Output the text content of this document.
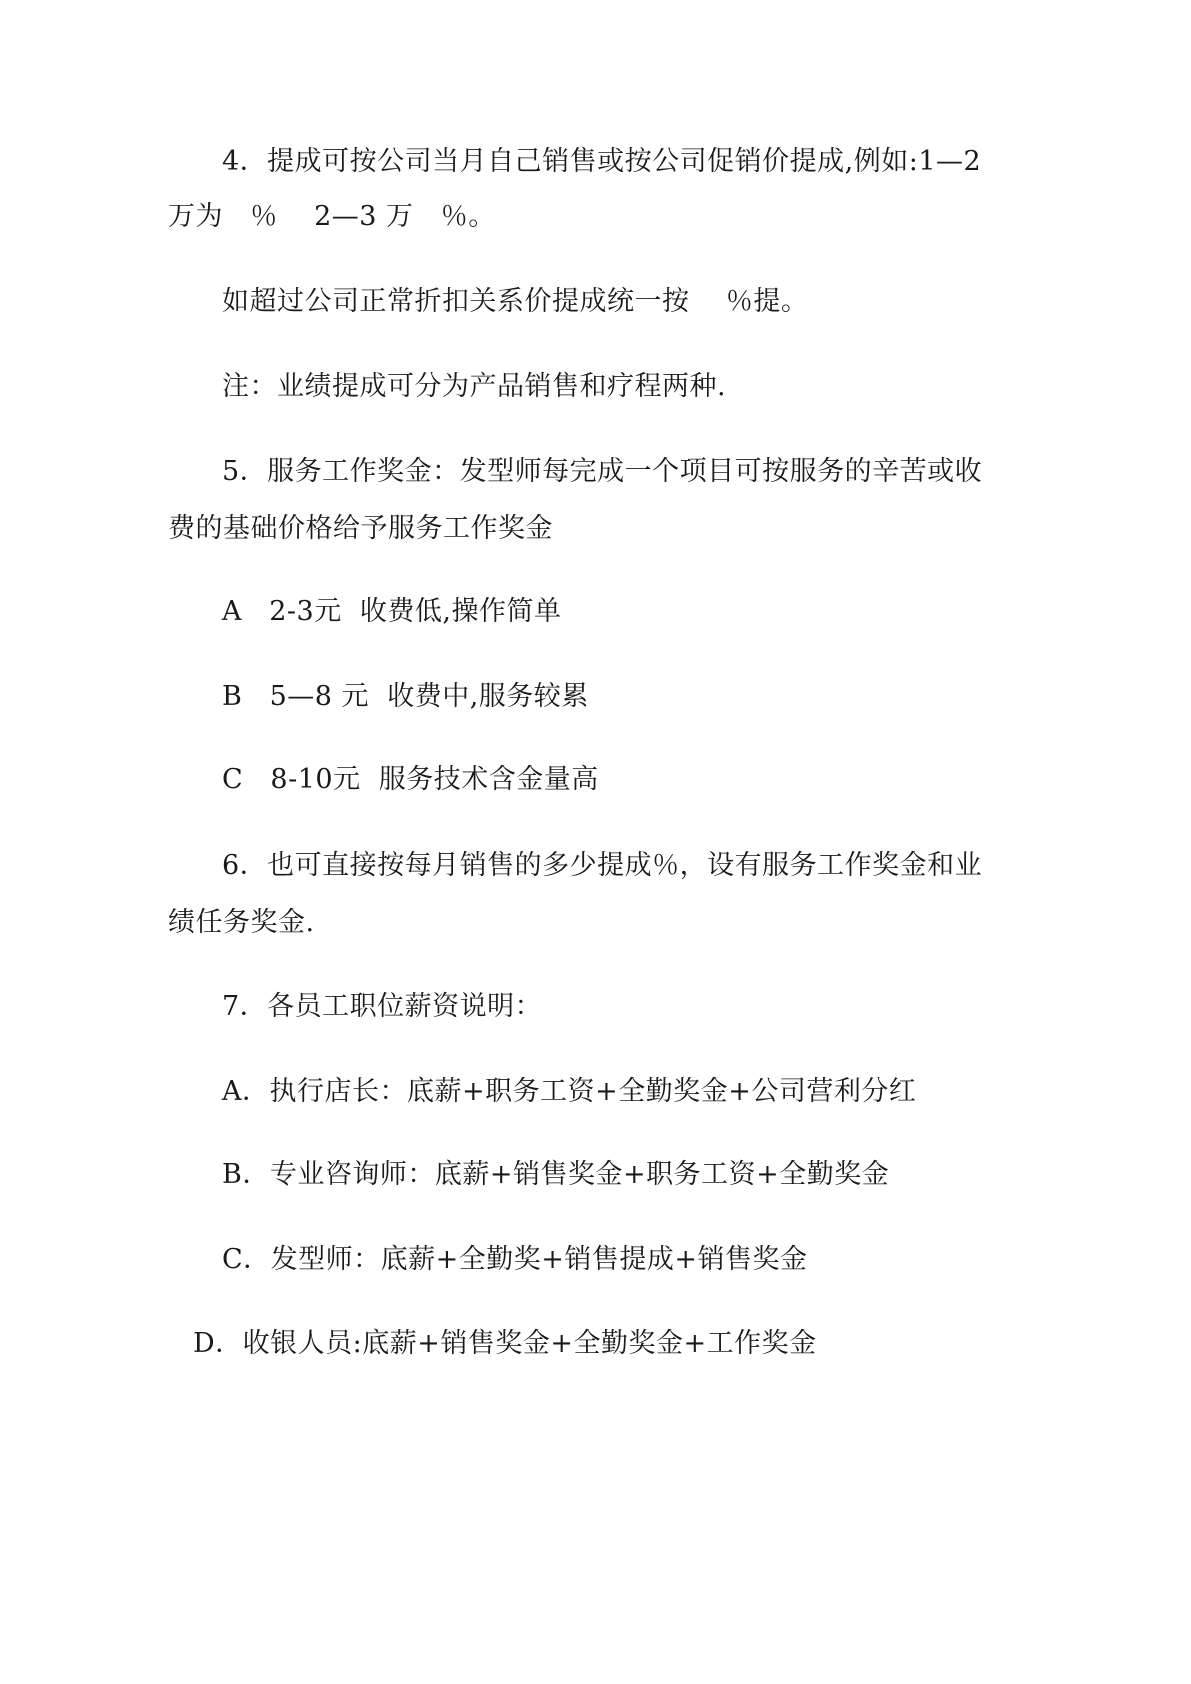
4．提成可按公司当月自己销售或按公司促销价提成,例如:1—2
万为   ％    2—3 万   ％。
如超过公司正常折扣关系价提成统一按    ％提。
注：业绩提成可分为产品销售和疗程两种.
5．服务工作奖金：发型师每完成一个项目可按服务的辛苦或收
费的基础价格给予服务工作奖金
A   2-3元  收费低,操作简单
B   5—8 元  收费中,服务较累
C   8-10元  服务技术含金量高
6．也可直接按每月销售的多少提成％，设有服务工作奖金和业
绩任务奖金.
7．各员工职位薪资说明：
A．执行店长：底薪+职务工资+全勤奖金+公司营利分红
B．专业咨询师：底薪+销售奖金+职务工资+全勤奖金
C．发型师：底薪+全勤奖+销售提成+销售奖金
D．收银人员:底薪+销售奖金+全勤奖金+工作奖金
